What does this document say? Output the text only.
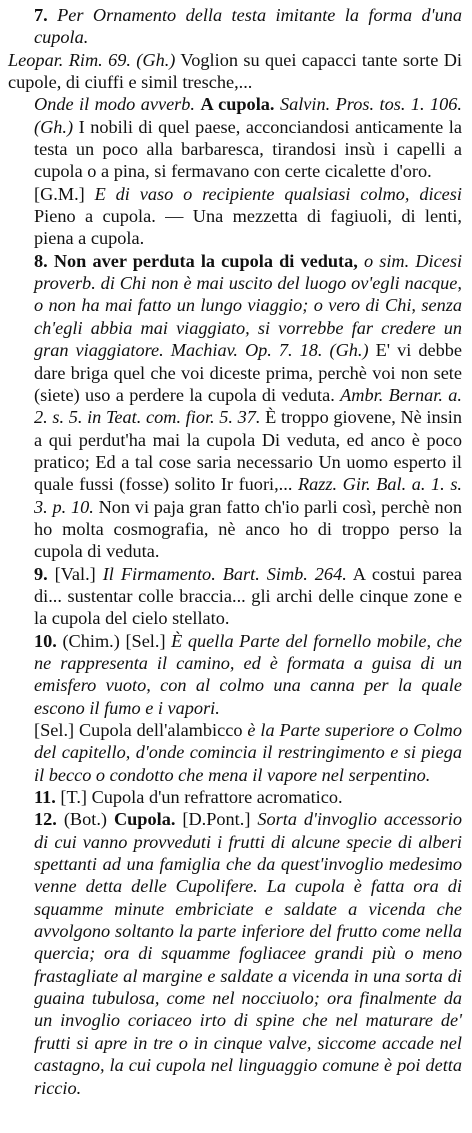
7. Per Ornamento della testa imitante la forma d'una cupola.
Leopar. Rim. 69. (Gh.) Voglion su quei capacci tante sorte Di cupole, di ciuffi e simil tresche,...
Onde il modo avverb. A cupola. Salvin. Pros. tos. 1. 106. (Gh.) I nobili di quel paese, acconciandosi anticamente la testa un poco alla barbaresca, tirandosi insù i capelli a cupola o a pina, si fermavano con certe cicalette d'oro.
[G.M.] E di vaso o recipiente qualsiasi colmo, dicesi Pieno a cupola. — Una mezzetta di fagiuoli, di lenti, piena a cupola.
8. Non aver perduta la cupola di veduta, o sim. Dicesi proverb. di Chi non è mai uscito del luogo ov'egli nacque, o non ha mai fatto un lungo viaggio; o vero di Chi, senza ch'egli abbia mai viaggiato, si vorrebbe far credere un gran viaggiatore. Machiav. Op. 7. 18. (Gh.) E' vi debbe dare briga quel che voi diceste prima, perchè voi non sete (siete) uso a perdere la cupola di veduta. Ambr. Bernar. a. 2. s. 5. in Teat. com. fior. 5. 37. È troppo giovene, Nè insin a qui perdut'ha mai la cupola Di veduta, ed anco è poco pratico; Ed a tal cose saria necessario Un uomo esperto il quale fussi (fosse) solito Ir fuori,... Razz. Gir. Bal. a. 1. s. 3. p. 10. Non vi paja gran fatto ch'io parli così, perchè non ho molta cosmografia, nè anco ho di troppo perso la cupola di veduta.
9. [Val.] Il Firmamento. Bart. Simb. 264. A costui parea di... sustentar colle braccia... gli archi delle cinque zone e la cupola del cielo stellato.
10. (Chim.) [Sel.] È quella Parte del fornello mobile, che ne rappresenta il camino, ed è formata a guisa di un emisfero vuoto, con al colmo una canna per la quale escono il fumo e i vapori.
[Sel.] Cupola dell'alambicco è la Parte superiore o Colmo del capitello, d'onde comincia il restringimento e si piega il becco o condotto che mena il vapore nel serpentino.
11. [T.] Cupola d'un refrattore acromatico.
12. (Bot.) Cupola. [D.Pont.] Sorta d'invoglio accessorio di cui vanno provveduti i frutti di alcune specie di alberi spettanti ad una famiglia che da quest'invoglio medesimo venne detta delle Cupolifere. La cupola è fatta ora di squamme minute embriciate e saldate a vicenda che avvolgono soltanto la parte inferiore del frutto come nella quercia; ora di squamme fogliacee grandi più o meno frastagliate al margine e saldate a vicenda in una sorta di guaina tubulosa, come nel nocciuolo; ora finalmente da un invoglio coriaceo irto di spine che nel maturare de' frutti si apre in tre o in cinque valve, siccome accade nel castagno, la cui cupola nel linguaggio comune è poi detta riccio.
